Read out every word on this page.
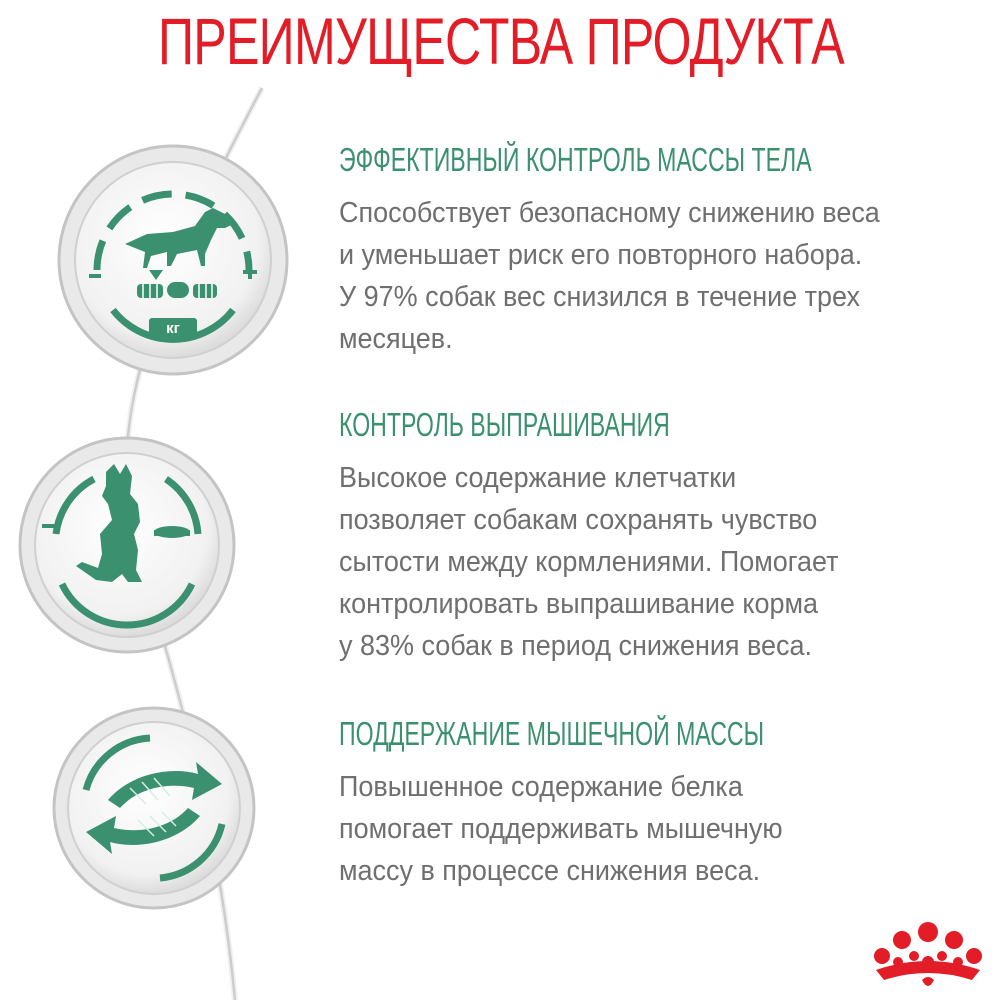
ПРЕИМУЩЕСТВА ПРОДУКТА
кг
ЭФФЕКТИВНЫЙ КОНТРОЛЬ МАССЫ ТЕЛА
Способствует безопасному снижению веса
и уменьшает риск его повторного набора.
У 97% собак вес снизился в течение трех
месяцев.
КОНТРОЛЬ ВЫПРАШИВАНИЯ
Высокое содержание клетчатки
позволяет собакам сохранять чувство
сытости между кормлениями. Помогает
контролировать выпрашивание корма
у 83% собак в период снижения веса.
ПОДДЕРЖАНИЕ МЫШЕЧНОЙ МАССЫ
Повышенное содержание белка
помогает поддерживать мышечную
массу в процессе снижения веса.
